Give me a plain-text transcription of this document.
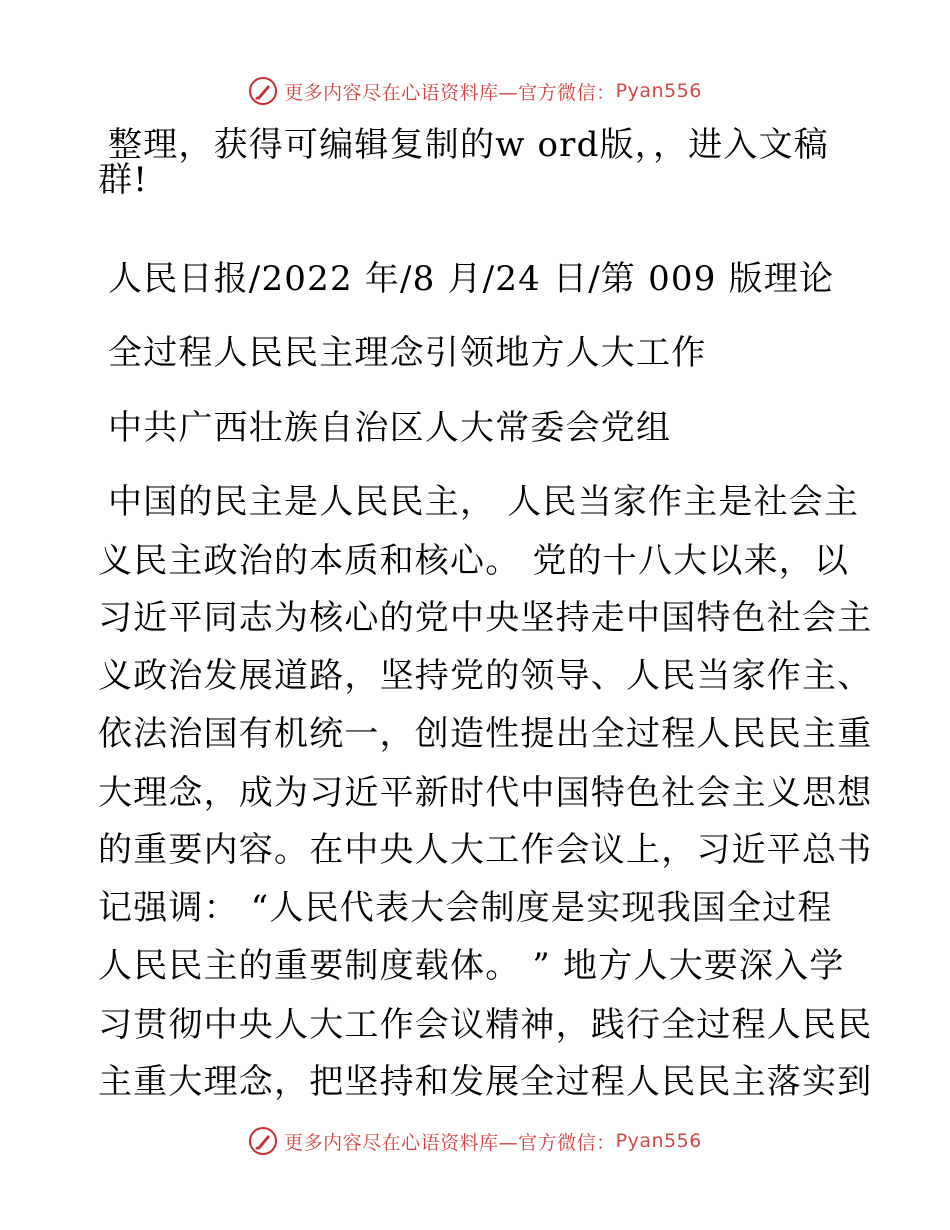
更多内容尽在心语资料库—官方微信： Pyan556
整理，获得可编辑复制的w ord版，，进入文稿
群!
人民日报/2022 年/8 月/24 日/第 009 版理论
全过程人民民主理念引领地方人大工作
中共广西壮族自治区人大常委会党组
中国的民主是人民民主， 人民当家作主是社会主
义民主政治的本质和核心。 党的十八大以来，以
习近平同志为核心的党中央坚持走中国特色社会主
义政治发展道路，坚持党的领导、人民当家作主、
依法治国有机统一，创造性提出全过程人民民主重
大理念，成为习近平新时代中国特色社会主义思想
的重要内容。在中央人大工作会议上，习近平总书
记强调： “人民代表大会制度是实现我国全过程
人民民主的重要制度载体。 ” 地方人大要深入学
习贯彻中央人大工作会议精神，践行全过程人民民
主重大理念，把坚持和发展全过程人民民主落实到
更多内容尽在心语资料库—官方微信： Pyan556
